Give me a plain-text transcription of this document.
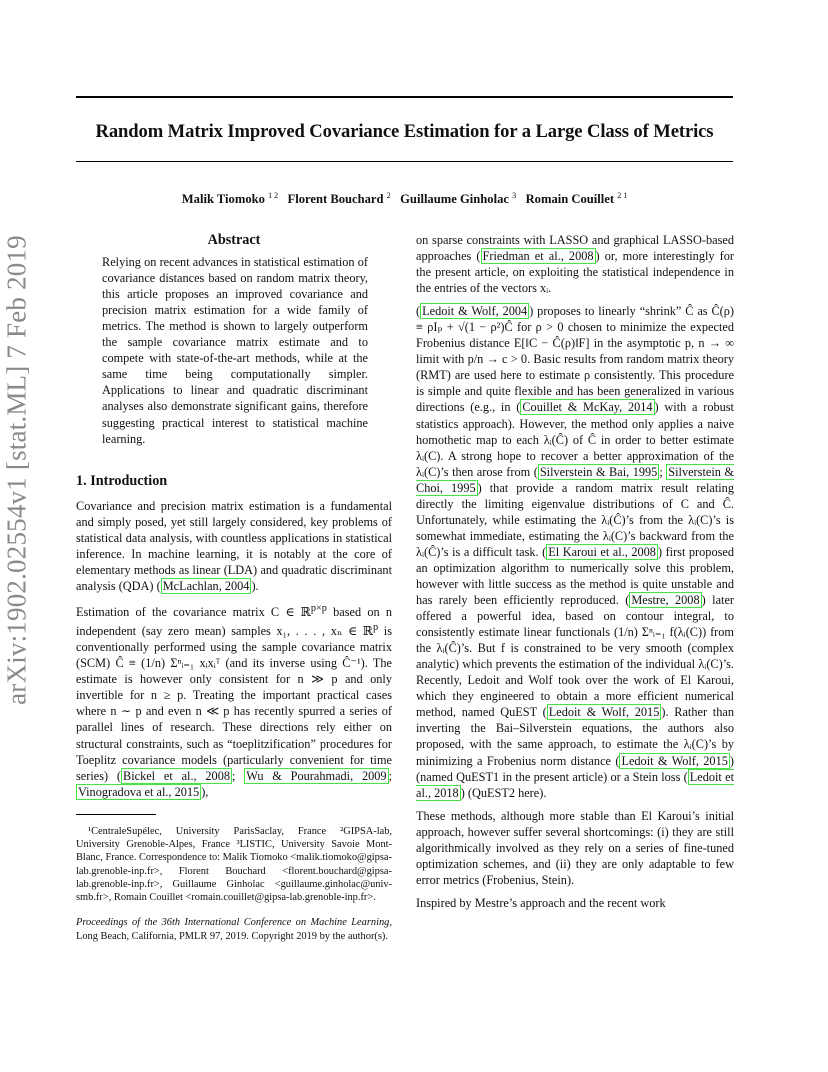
Random Matrix Improved Covariance Estimation for a Large Class of Metrics
Malik Tiomoko $^{1 2}$ Florent Bouchard $^2$ Guillaume Ginholac $^3$ Romain Couillet $^{2 1}$
arXiv:1902.02554v1 [stat.ML] 7 Feb 2019	Abstract
Relying on recent advances in statistical estimation of covariance distances based on random matrix theory, this article proposes an improved covariance and precision matrix estimation for a wide family of metrics. The method is shown to largely outperform the sample covariance matrix estimate and to compete with state-of-the-art methods, while at the same time being computationally simpler. Applications to linear and quadratic discriminant analyses also demonstrate significant gains, therefore suggesting practical interest to statistical machine learning.
1. Introduction

Covariance and precision matrix estimation is a fundamental and simply posed, yet still largely considered, key problems of statistical data analysis, with countless applications in statistical inference. In machine learning, it is notably at the core of elementary methods as linear (LDA) and quadratic discriminant analysis (QDA) ( McLachlan, 2004 ).

Estimation of the covariance matrix C ∈ ℝ$^{p\times p}$ based on n independent (say zero mean) samples x₁, . . . , xₙ ∈ ℝ$^p$ is conventionally performed using the sample covariance matrix (SCM) Ĉ ≡ (1/n) Σⁿᵢ₌₁ xᵢxᵢᵀ (and its inverse using Ĉ⁻¹). The estimate is however only consistent for n ≫ p and only invertible for n ≥ p. Treating the important practical cases where n ∼ p and even n ≪ p has recently spurred a series of parallel lines of research. These directions rely either on structural constraints, such as “toeplitzification” procedures for Toeplitz covariance models (particularly convenient for time series) ( Bickel et al., 2008 ; Wu & Pourahmadi, 2009 ; Vinogradova et al., 2015 ),

¹CentraleSupélec, University ParisSaclay, France ²GIPSA-lab, University Grenoble-Alpes, France ³LISTIC, University Savoie Mont-Blanc, France. Correspondence to: Malik Tiomoko <malik.tiomoko@gipsa-lab.grenoble-inp.fr>, Florent Bouchard <florent.bouchard@gipsa-lab.grenoble-inp.fr>, Guillaume Ginholac <guillaume.ginholac@univ-smb.fr>, Romain Couillet <romain.couillet@gipsa-lab.grenoble-inp.fr>.
Proceedings of the 36th International Conference on Machine Learning, Long Beach, California, PMLR 97, 2019. Copyright 2019 by the author(s).

on sparse constraints with LASSO and graphical LASSO-based approaches ( Friedman et al., 2008 ) or, more interestingly for the present article, on exploiting the statistical independence in the entries of the vectors xᵢ.

( Ledoit & Wolf, 2004 ) proposes to linearly “shrink” Ĉ as Ĉ(ρ) ≡ ρIₚ + √(1 − ρ²)Ĉ for ρ > 0 chosen to minimize the expected Frobenius distance E[‖C − Ĉ(ρ)‖F] in the asymptotic p, n → ∞ limit with p/n → c > 0. Basic results from random matrix theory (RMT) are used here to estimate ρ consistently. This procedure is simple and quite flexible and has been generalized in various directions (e.g., in ( Couillet & McKay, 2014 ) with a robust statistics approach). However, the method only applies a naive homothetic map to each λᵢ(Ĉ) of Ĉ in order to better estimate λᵢ(C). A strong hope to recover a better approximation of the λᵢ(C)’s then arose from ( Silverstein & Bai, 1995 ; Silverstein & Choi, 1995 ) that provide a random matrix result relating directly the limiting eigenvalue distributions of C and Ĉ. Unfortunately, while estimating the λᵢ(Ĉ)’s from the λᵢ(C)’s is somewhat immediate, estimating the λᵢ(C)’s backward from the λᵢ(Ĉ)’s is a difficult task. ( El Karoui et al., 2008 ) first proposed an optimization algorithm to numerically solve this problem, however with little success as the method is quite unstable and has rarely been efficiently reproduced. ( Mestre, 2008 ) later offered a powerful idea, based on contour integral, to consistently estimate linear functionals (1/n) Σⁿᵢ₌₁ f(λᵢ(C)) from the λᵢ(Ĉ)’s. But f is constrained to be very smooth (complex analytic) which prevents the estimation of the individual λᵢ(C)’s. Recently, Ledoit and Wolf took over the work of El Karoui, which they engineered to obtain a more efficient numerical method, named QuEST ( Ledoit & Wolf, 2015 ). Rather than inverting the Bai–Silverstein equations, the authors also proposed, with the same approach, to estimate the λᵢ(C)’s by minimizing a Frobenius norm distance ( Ledoit & Wolf, 2015 ) (named QuEST1 in the present article) or a Stein loss ( Ledoit et al., 2018 ) (QuEST2 here).

These methods, although more stable than El Karoui’s initial approach, however suffer several shortcomings: (i) they are still algorithmically involved as they rely on a series of fine-tuned optimization schemes, and (ii) they are only adaptable to few error metrics (Frobenius, Stein).

Inspired by Mestre’s approach and the recent work
